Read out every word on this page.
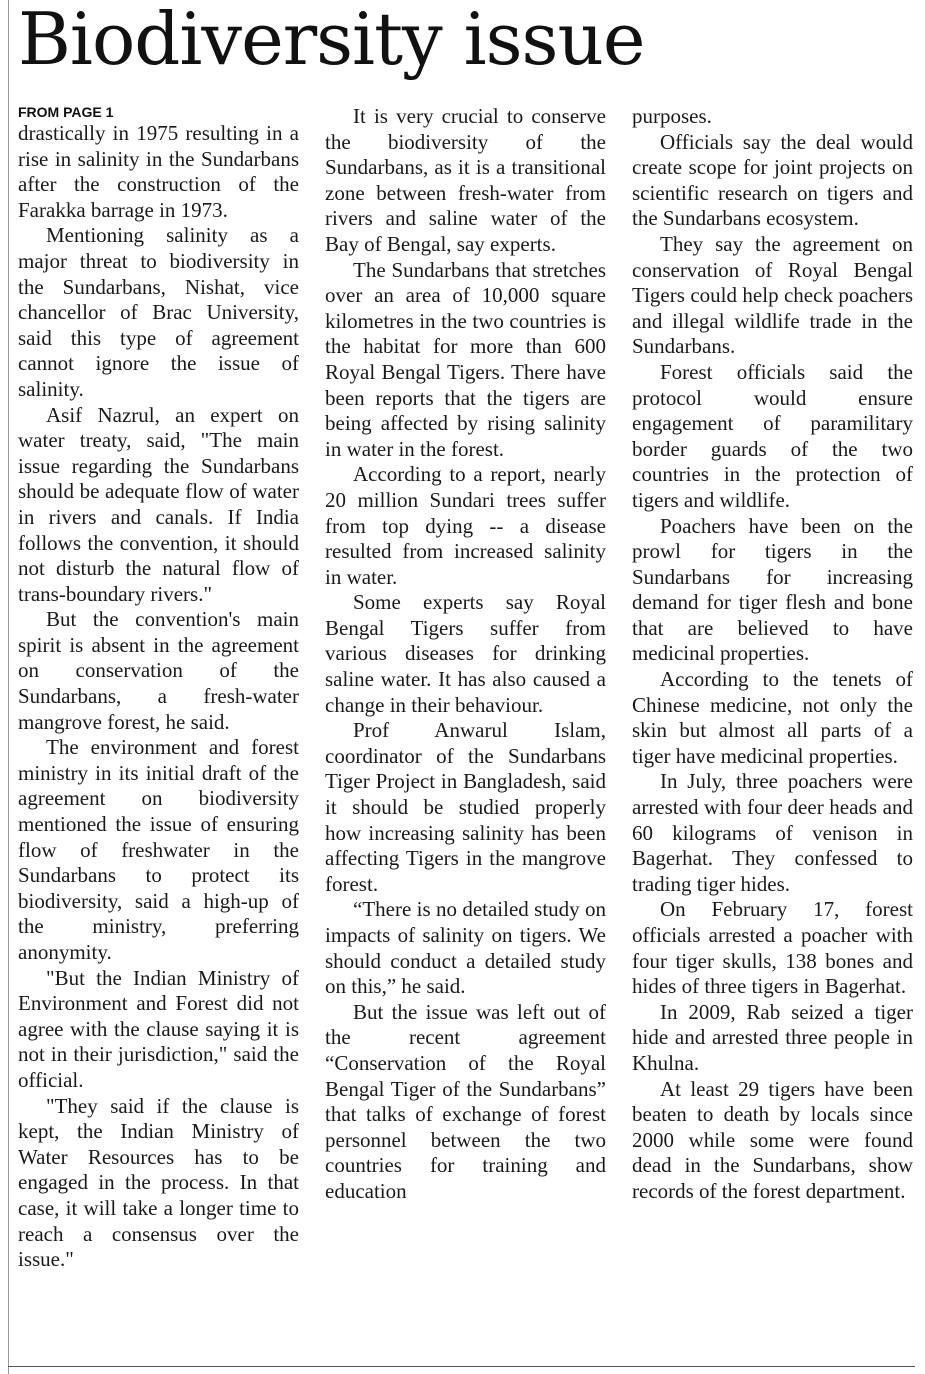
Biodiversity issue
FROM PAGE 1

drastically in 1975 resulting in a rise in salinity in the Sundarbans after the construction of the Farakka barrage in 1973.

Mentioning salinity as a major threat to biodiversity in the Sundarbans, Nishat, vice chancellor of Brac University, said this type of agreement cannot ignore the issue of salinity.

Asif Nazrul, an expert on water treaty, said, "The main issue regarding the Sundarbans should be adequate flow of water in rivers and canals. If India follows the convention, it should not disturb the natural flow of trans-boundary rivers."

But the convention's main spirit is absent in the agreement on conservation of the Sundarbans, a fresh-water mangrove forest, he said.

The environment and forest ministry in its initial draft of the agreement on biodiversity mentioned the issue of ensuring flow of freshwater in the Sundarbans to protect its biodiversity, said a high-up of the ministry, preferring anonymity.

"But the Indian Ministry of Environment and Forest did not agree with the clause saying it is not in their jurisdiction," said the official.

"They said if the clause is kept, the Indian Ministry of Water Resources has to be engaged in the process. In that case, it will take a longer time to reach a consensus over the issue."

It is very crucial to conserve the biodiversity of the Sundarbans, as it is a transitional zone between fresh-water from rivers and saline water of the Bay of Bengal, say experts.

The Sundarbans that stretches over an area of 10,000 square kilometres in the two countries is the habitat for more than 600 Royal Bengal Tigers. There have been reports that the tigers are being affected by rising salinity in water in the forest.

According to a report, nearly 20 million Sundari trees suffer from top dying -- a disease resulted from increased salinity in water.

Some experts say Royal Bengal Tigers suffer from various diseases for drinking saline water. It has also caused a change in their behaviour.

Prof Anwarul Islam, coordinator of the Sundarbans Tiger Project in Bangladesh, said it should be studied properly how increasing salinity has been affecting Tigers in the mangrove forest.

“There is no detailed study on impacts of salinity on tigers. We should conduct a detailed study on this,” he said.

But the issue was left out of the recent agreement “Conservation of the Royal Bengal Tiger of the Sundarbans” that talks of exchange of forest personnel between the two countries for training and education

purposes.

Officials say the deal would create scope for joint projects on scientific research on tigers and the Sundarbans ecosystem.

They say the agreement on conservation of Royal Bengal Tigers could help check poachers and illegal wildlife trade in the Sundarbans.

Forest officials said the protocol would ensure engagement of paramilitary border guards of the two countries in the protection of tigers and wildlife.

Poachers have been on the prowl for tigers in the Sundarbans for increasing demand for tiger flesh and bone that are believed to have medicinal properties.

According to the tenets of Chinese medicine, not only the skin but almost all parts of a tiger have medicinal properties.

In July, three poachers were arrested with four deer heads and 60 kilograms of venison in Bagerhat. They confessed to trading tiger hides.

On February 17, forest officials arrested a poacher with four tiger skulls, 138 bones and hides of three tigers in Bagerhat.

In 2009, Rab seized a tiger hide and arrested three people in Khulna.

At least 29 tigers have been beaten to death by locals since 2000 while some were found dead in the Sundarbans, show records of the forest department.
